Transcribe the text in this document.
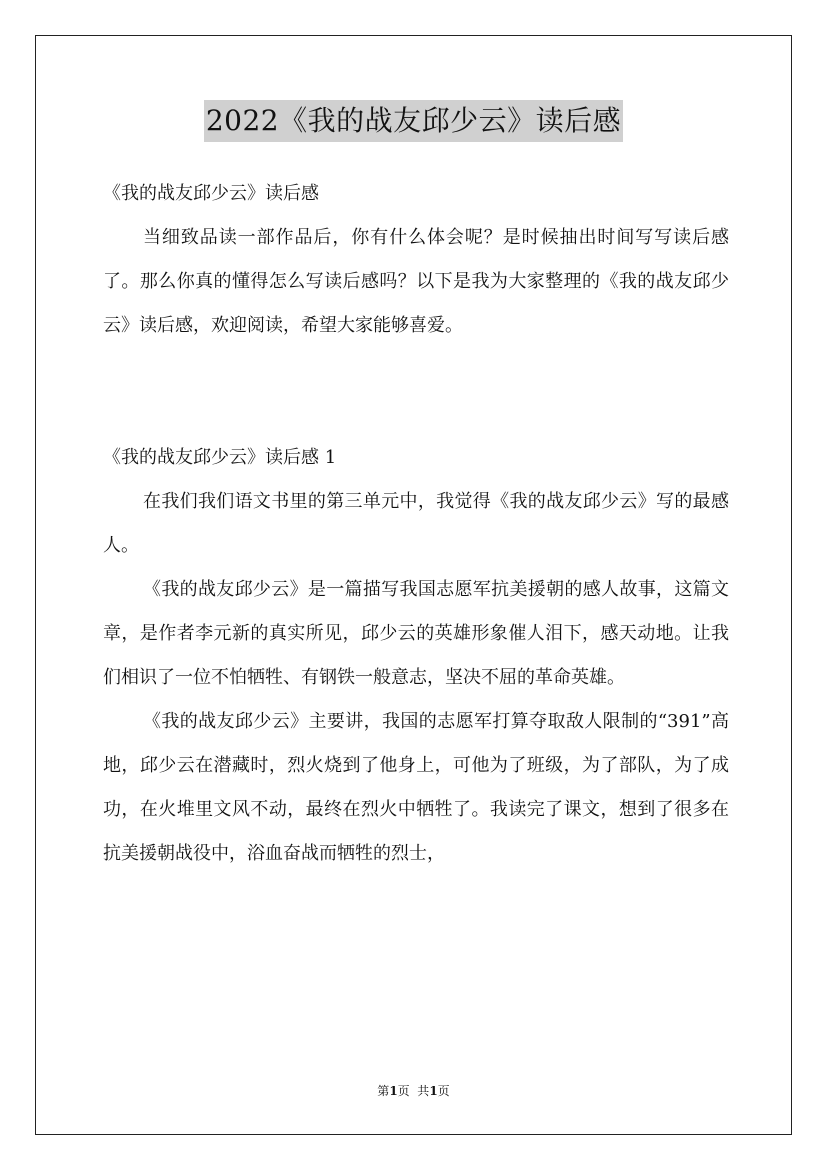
2022《我的战友邱少云》读后感

《我的战友邱少云》读后感

当细致品读一部作品后，你有什么体会呢？是时候抽出时间写写读后感了。那么你真的懂得怎么写读后感吗？以下是我为大家整理的《我的战友邱少云》读后感，欢迎阅读，希望大家能够喜爱。

《我的战友邱少云》读后感 1

在我们我们语文书里的第三单元中，我觉得《我的战友邱少云》写的最感人。

《我的战友邱少云》是一篇描写我国志愿军抗美援朝的感人故事，这篇文章，是作者李元新的真实所见，邱少云的英雄形象催人泪下，感天动地。让我们相识了一位不怕牺牲、有钢铁一般意志，坚决不屈的革命英雄。

《我的战友邱少云》主要讲，我国的志愿军打算夺取敌人限制的“391”高地，邱少云在潜藏时，烈火烧到了他身上，可他为了班级，为了部队，为了成功，在火堆里文风不动，最终在烈火中牺牲了。我读完了课文，想到了很多在抗美援朝战役中，浴血奋战而牺牲的烈士，

第1页  共1页
